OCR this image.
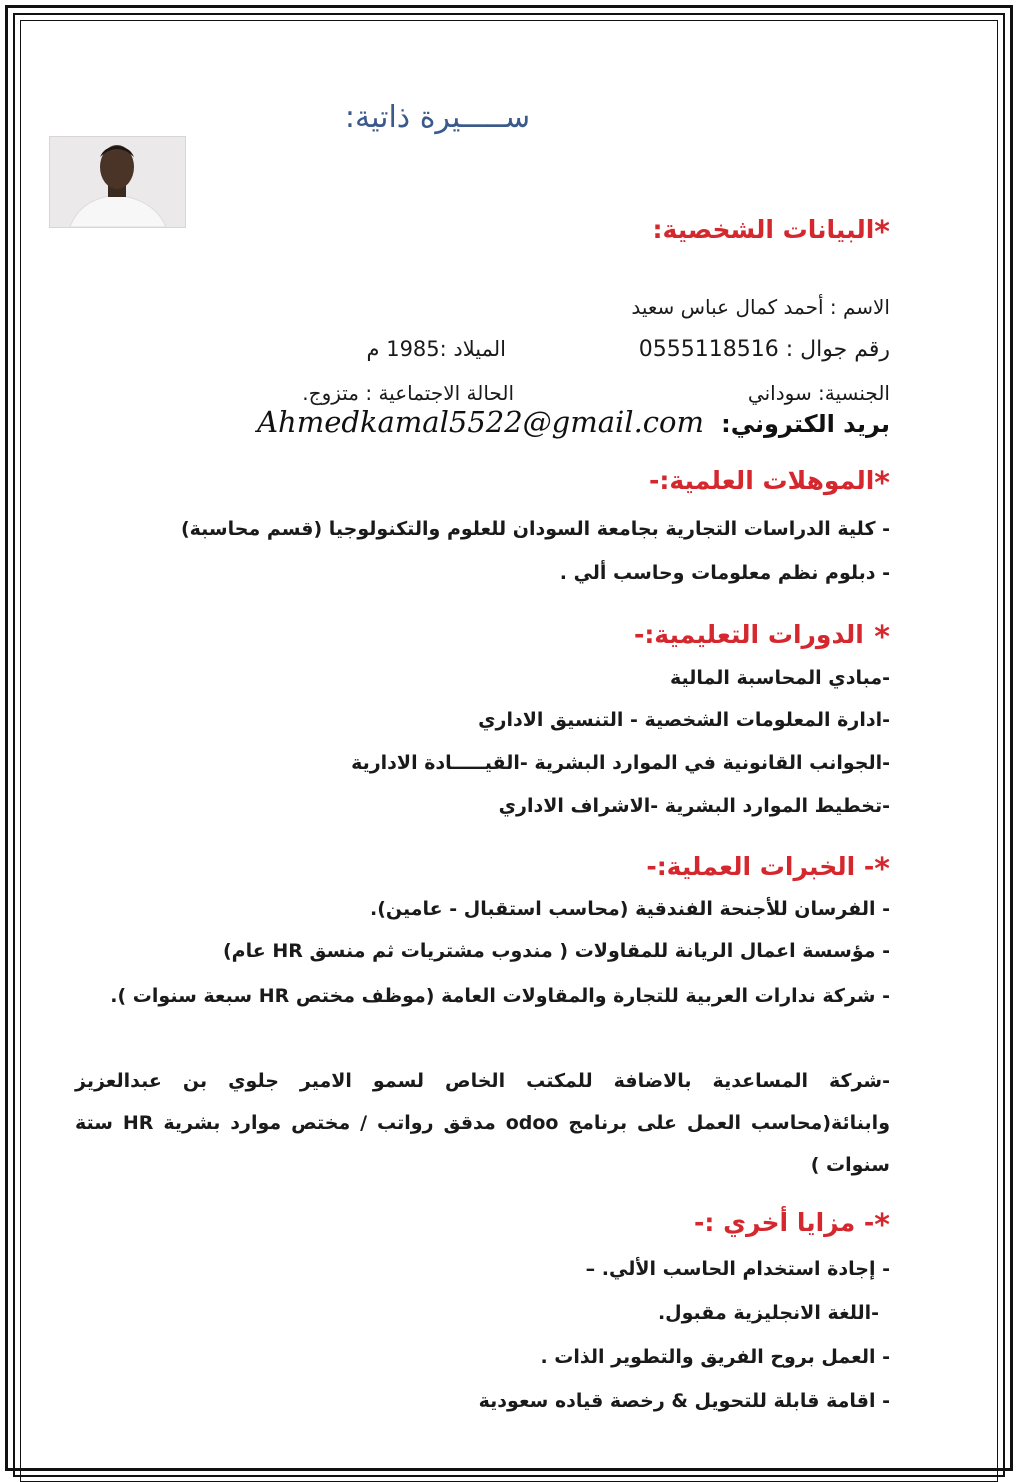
ســـــيرة ذاتية:
*البيانات الشخصية:
الاسم : أحمد كمال عباس سعيد
رقم جوال : 0555118516
الميلاد :1985 م
الجنسية: سوداني
الحالة الاجتماعية : متزوج.
بريد الكتروني:
Ahmedkamal5522@gmail.com
*الموهلات العلمية:-
- كلية الدراسات التجارية بجامعة السودان للعلوم والتكنولوجيا (قسم محاسبة)
- دبلوم نظم معلومات وحاسب ألي .
* الدورات التعليمية:-
-مبادي المحاسبة المالية
-ادارة المعلومات الشخصية - التنسيق الاداري
-الجوانب القانونية في الموارد البشرية -القيـــــادة الادارية
-تخطيط الموارد البشرية -الاشراف الاداري
*- الخبرات العملية:-
- الفرسان للأجنحة الفندقية (محاسب استقبال - عامين).
- مؤسسة اعمال الريانة للمقاولات ( مندوب مشتريات ثم منسق HR عام)
- شركة ندارات العربية للتجارة والمقاولات العامة (موظف مختص HR سبعة سنوات ).
-شركة المساعدية بالاضافة للمكتب الخاص لسمو الامير جلوي بن عبدالعزيز وابنائة(محاسب العمل على برنامج odoo مدقق رواتب / مختص موارد بشرية HR ستة سنوات )
*- مزايا أخري :-
- إجادة استخدام الحاسب الألي. –
-اللغة الانجليزية مقبول.
- العمل بروح الفريق والتطوير الذات .
- اقامة قابلة للتحويل & رخصة قياده سعودية
